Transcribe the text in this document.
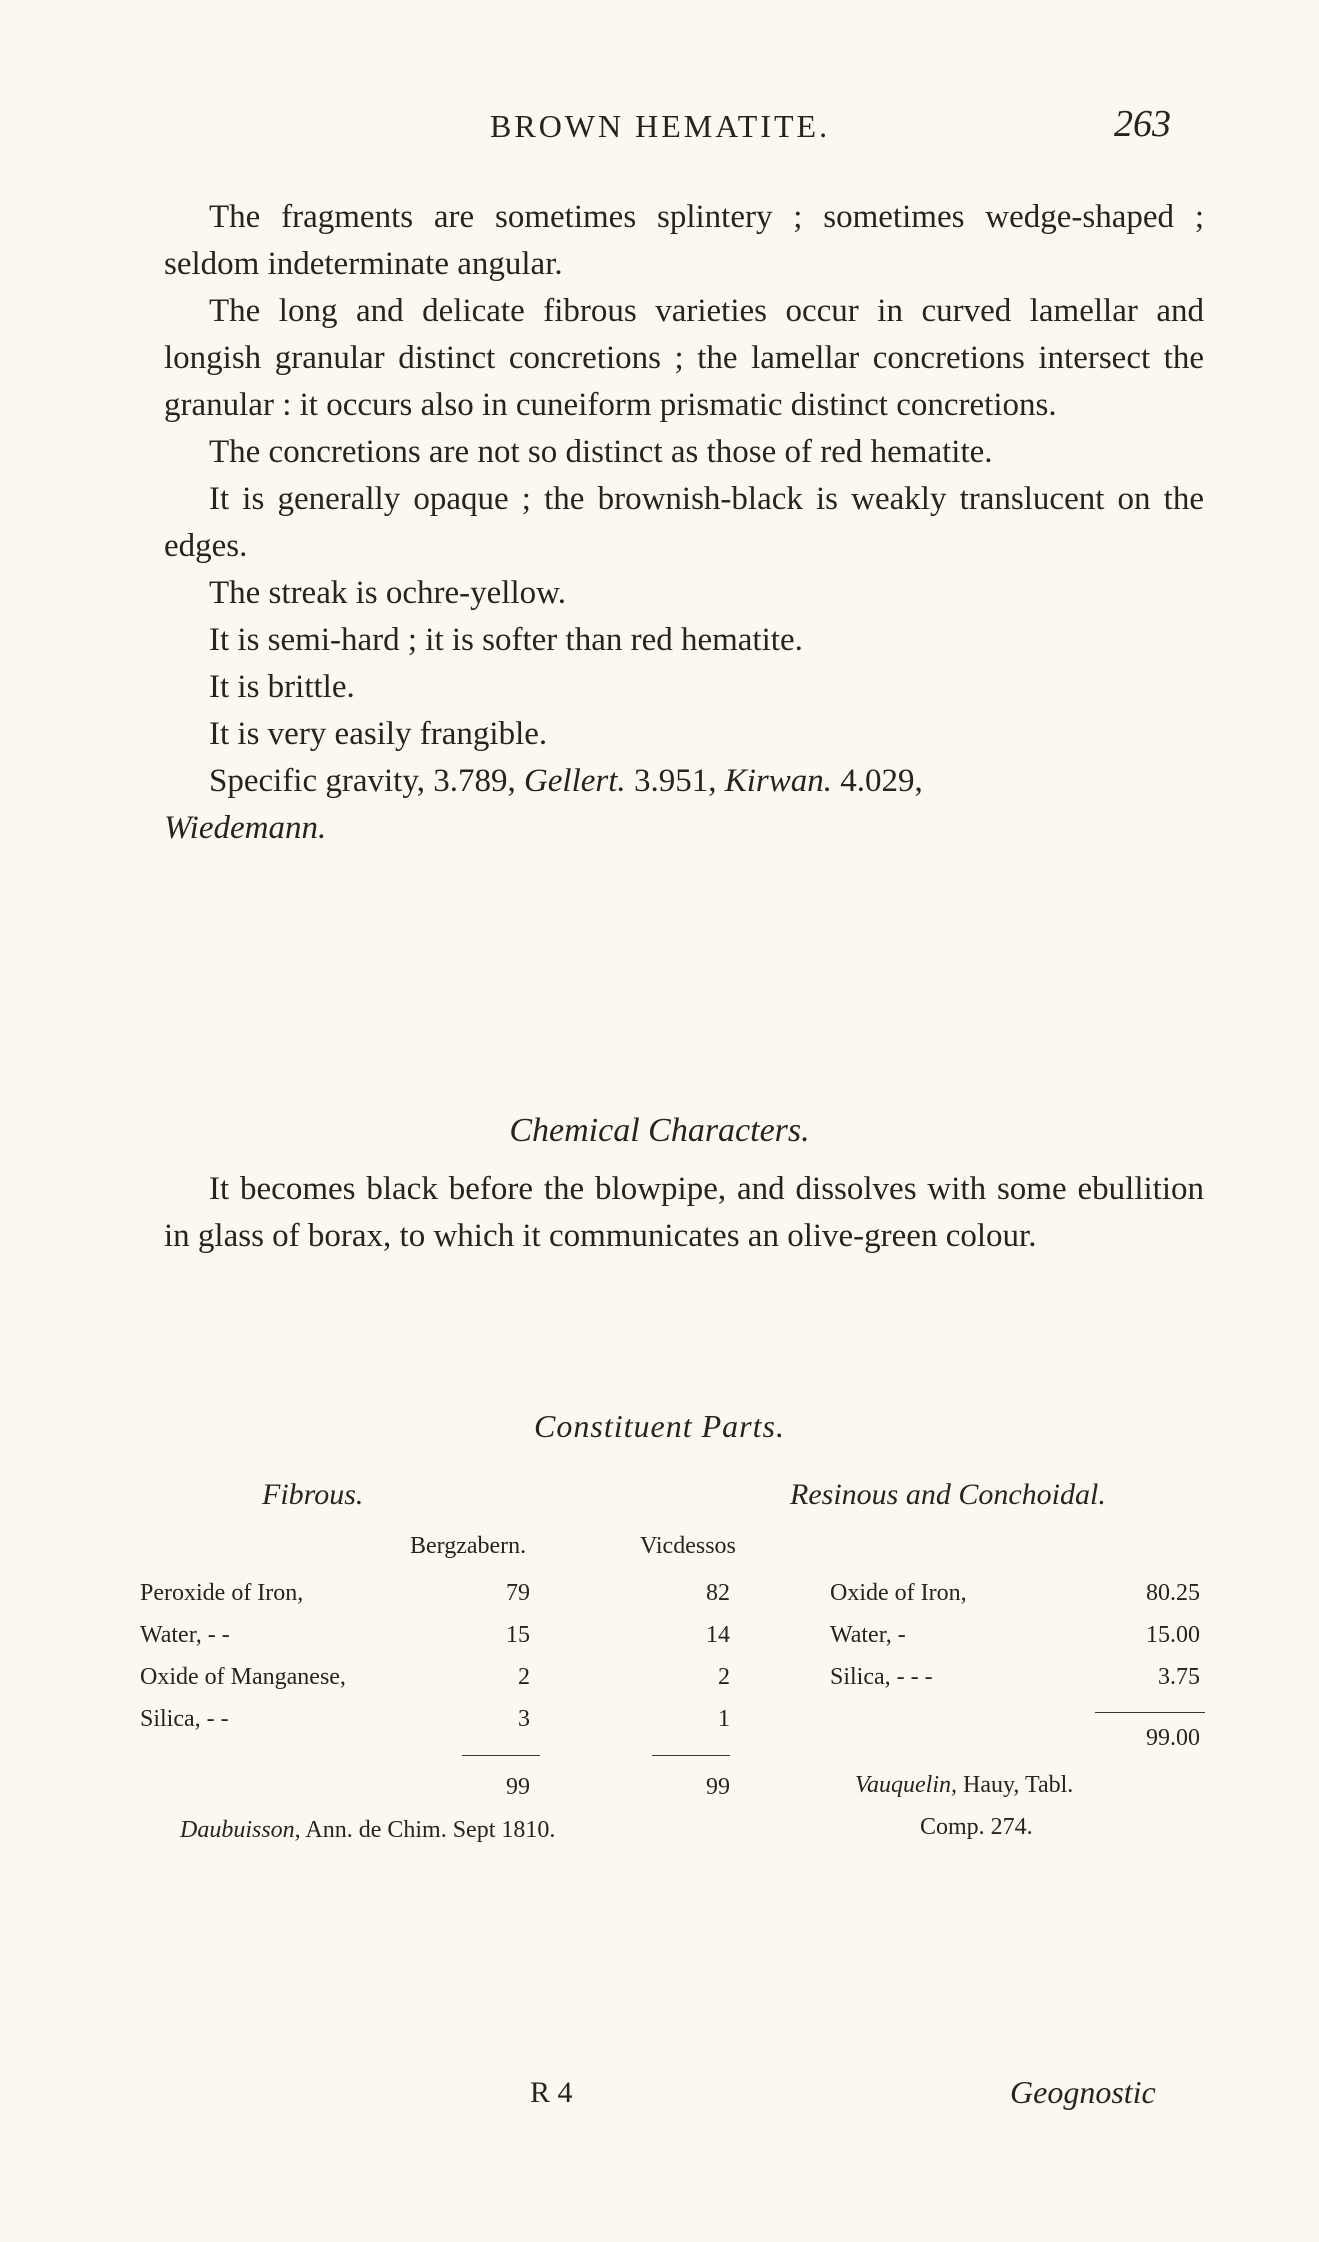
BROWN HEMATITE.	263

The fragments are sometimes splintery ; sometimes wedge-shaped ; seldom indeterminate angular.

The long and delicate fibrous varieties occur in curved lamellar and longish granular distinct concretions ; the lamellar concretions intersect the granular : it occurs also in cuneiform prismatic distinct concretions.

The concretions are not so distinct as those of red hematite.

It is generally opaque ; the brownish-black is weakly translucent on the edges.

The streak is ochre-yellow.

It is semi-hard ; it is softer than red hematite.

It is brittle.

It is very easily frangible.

Specific gravity, 3.789, Gellert. 3.951, Kirwan. 4.029,
Wiedemann.

Chemical Characters.

It becomes black before the blowpipe, and dissolves with some ebullition in glass of borax, to which it communicates an olive-green colour.

Constituent Parts.
Fibrous.
Bergzabern.	Vicdessos
Peroxide of Iron,	79	82
Water, - -	15	14
Oxide of Manganese,	2	2
Silica, - -	3	1
99	99
Daubuisson, Ann. de Chim. Sept 1810.
Resinous and Conchoidal.
Oxide of Iron,	80.25
Water, -	15.00
Silica, - - -	3.75
99.00
Vauquelin, Hauy, Tabl.
Comp. 274.
R 4	Geognostic
